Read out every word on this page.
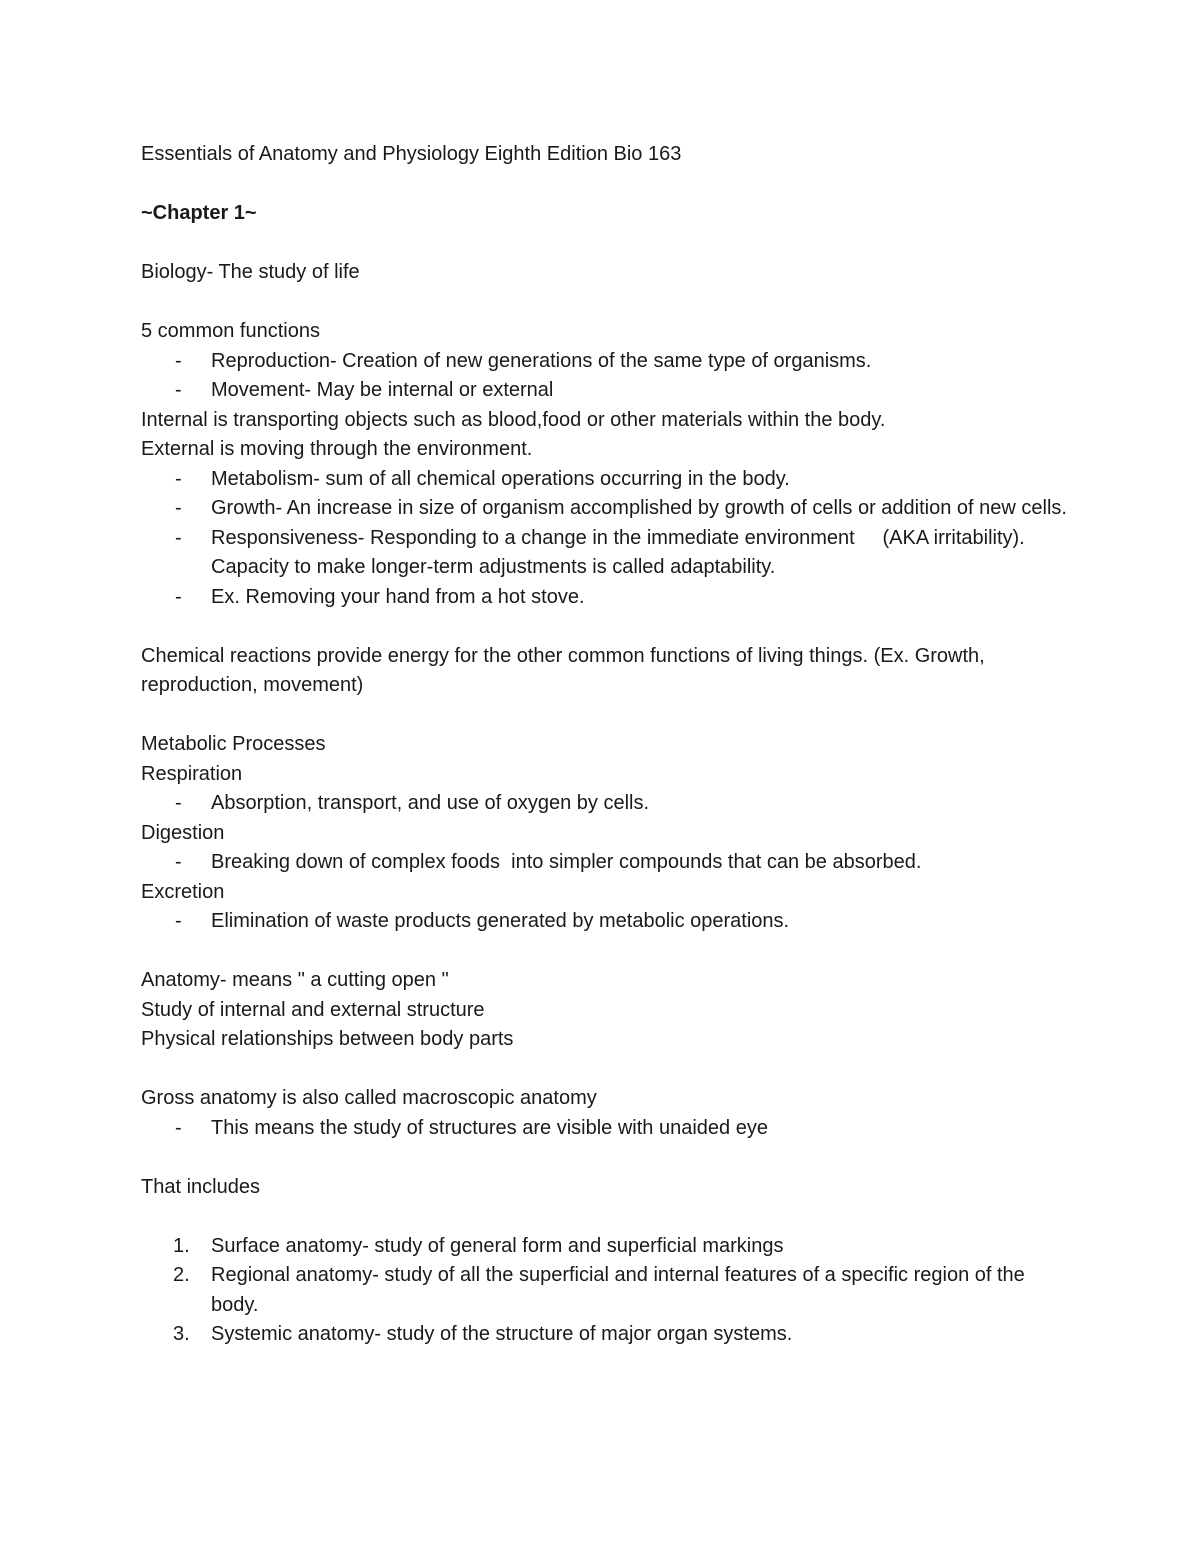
Essentials of Anatomy and Physiology Eighth Edition Bio 163

~Chapter 1~

Biology- The study of life

5 common functions

-	Reproduction- Creation of new generations of the same type of organisms.
-	Movement- May be internal or external

Internal is transporting objects such as blood,food or other materials within the body.

External is moving through the environment.

-	Metabolism- sum of all chemical operations occurring in the body.
-	Growth- An increase in size of organism accomplished by growth of cells or addition of new cells.
-	Responsiveness- Responding to a change in the immediate environment     (AKA irritability). Capacity to make longer-term adjustments is called adaptability.
-	Ex. Removing your hand from a hot stove.

Chemical reactions provide energy for the other common functions of living things. (Ex. Growth, reproduction, movement)

Metabolic Processes

Respiration

-	Absorption, transport, and use of oxygen by cells.

Digestion

-	Breaking down of complex foods  into simpler compounds that can be absorbed.

Excretion

-	Elimination of waste products generated by metabolic operations.

Anatomy- means " a cutting open "

Study of internal and external structure

Physical relationships between body parts

Gross anatomy is also called macroscopic anatomy

-	This means the study of structures are visible with unaided eye

That includes

1.	Surface anatomy- study of general form and superficial markings
2.	Regional anatomy- study of all the superficial and internal features of a specific region of the body.
3.	Systemic anatomy- study of the structure of major organ systems.
